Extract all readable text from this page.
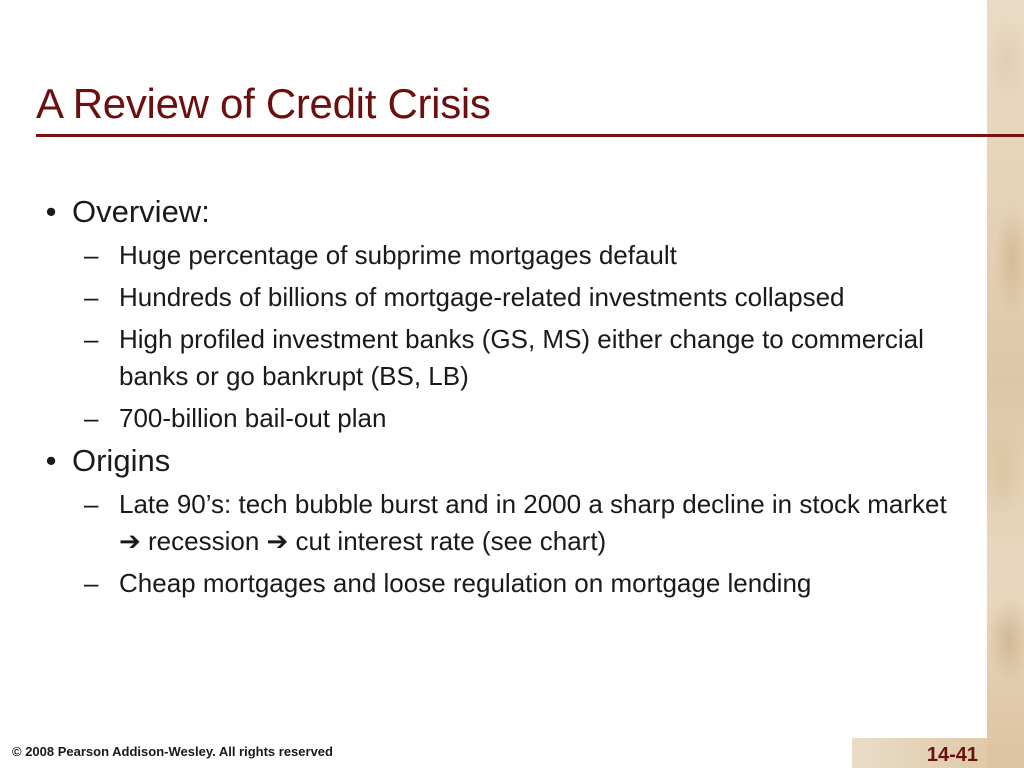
A Review of Credit Crisis
• Overview:
– Huge percentage of subprime mortgages default
– Hundreds of billions of mortgage-related investments collapsed
– High profiled investment banks (GS, MS) either change to commercial banks or go bankrupt (BS, LB)
– 700-billion bail-out plan
• Origins
– Late 90’s: tech bubble burst and in 2000 a sharp decline in stock market ➔ recession ➔ cut interest rate (see chart)
– Cheap mortgages and loose regulation on mortgage lending
© 2008 Pearson Addison-Wesley. All rights reserved	14-41
